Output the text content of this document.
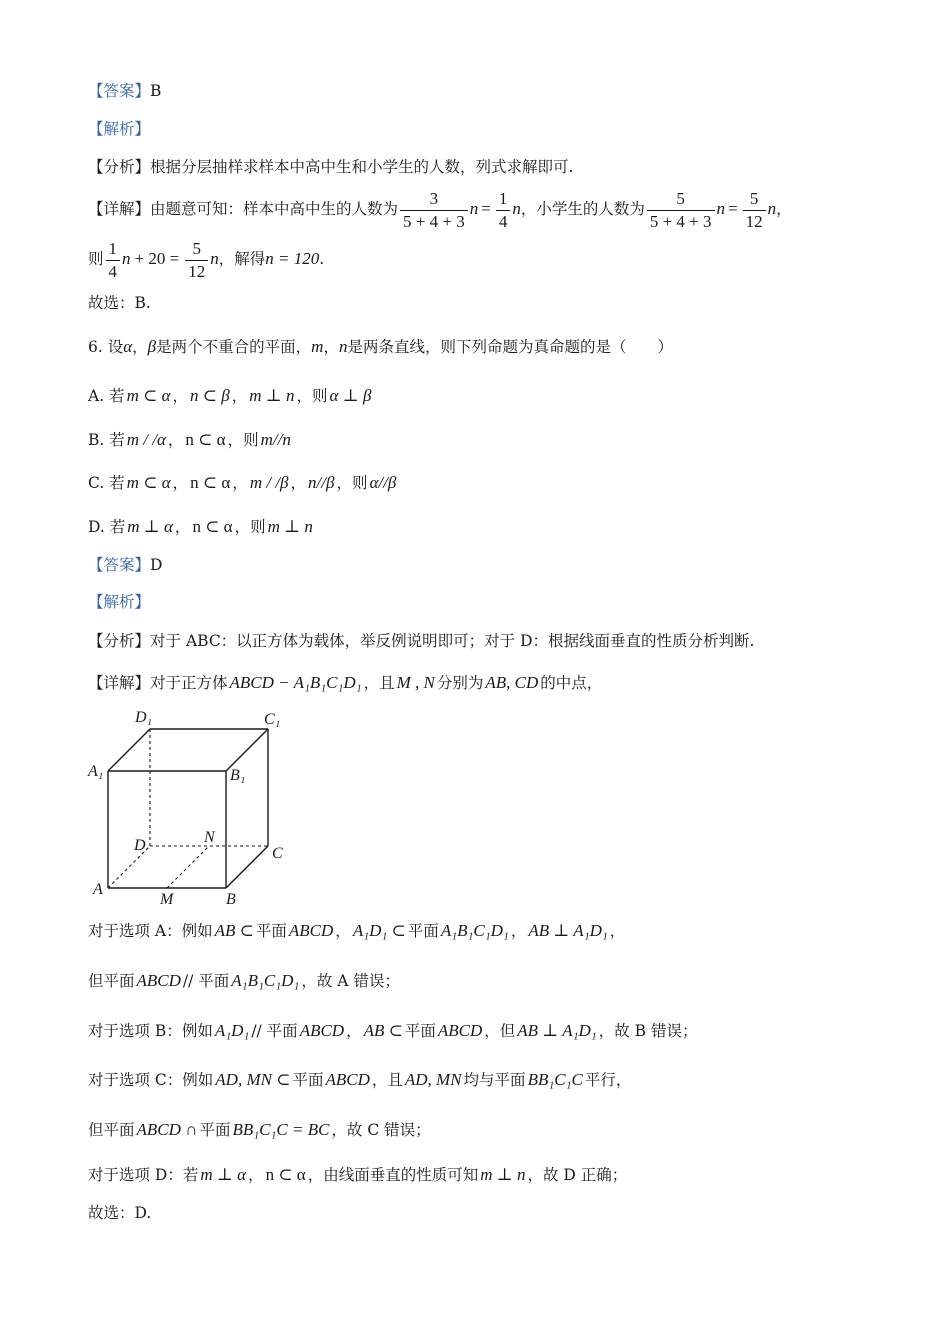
【答案】B
【解析】
【分析】根据分层抽样求样本中高中生和小学生的人数，列式求解即可.
【详解】由题意可知：样本中高中生的人数为 $\frac{3}{5 + 4 + 3}$ $n = \frac{1}{4}$ n，小学生的人数为 $\frac{5}{5 + 4 + 3}$ $n = \frac{5}{12}$ n，
则 $\frac{1}{4}$ $n + 20 = \frac{5}{12}$ n，解得n = 120.
故选：B.
6. 设α，β是两个不重合的平面，m，n是两条直线，则下列命题为真命题的是（　　）
A. 若 m ⊂ α ， n ⊂ β ， m ⊥ n ，则 α ⊥ β
B. 若 m / /α ， n ⊂ α ，则 m//n
C. 若 m ⊂ α ， n ⊂ α ， m / /β ， n//β ，则 α//β
D. 若 m ⊥ α ， n ⊂ α ，则 m ⊥ n
【答案】D
【解析】
【分析】对于 ABC：以正方体为载体，举反例说明即可；对于 D：根据线面垂直的性质分析判断.
【详解】对于正方体 ABCD − A₁B₁C₁D₁ ，且 M , N 分别为 AB, CD 的中点，
D₁	C₁
A₁	B₁
D	N
C
A
M	B
对于选项 A：例如 AB ⊂ 平面 ABCD ， A₁D₁ ⊂ 平面 A₁B₁C₁D₁ ， AB ⊥ A₁D₁ ，
但平面 ABCD // 平面 A₁B₁C₁D₁ ，故 A 错误；
对于选项 B：例如 A₁D₁ // 平面 ABCD ， AB ⊂ 平面 ABCD ，但 AB ⊥ A₁D₁ ，故 B 错误；
对于选项 C：例如 AD, MN ⊂ 平面 ABCD ，且 AD, MN 均与平面 BB₁C₁C 平行，
但平面 ABCD ∩ 平面 BB₁C₁C = BC ，故 C 错误；
对于选项 D：若 m ⊥ α ， n ⊂ α ，由线面垂直的性质可知 m ⊥ n ，故 D 正确；
故选：D.
